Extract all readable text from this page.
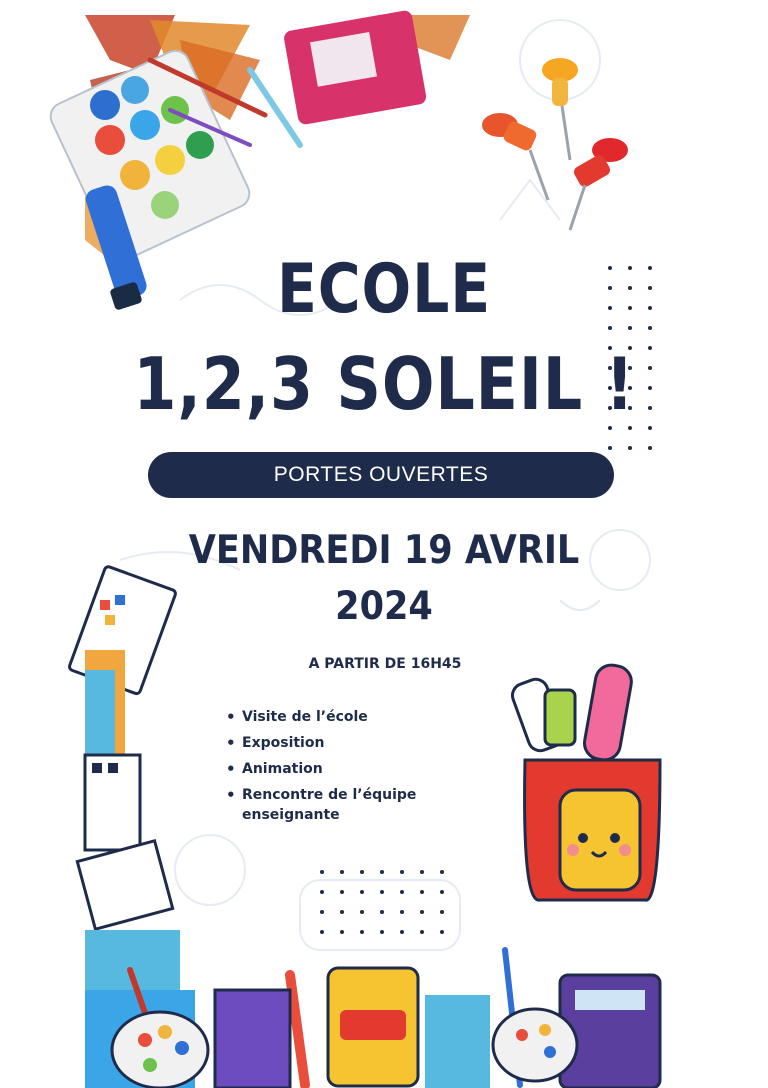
ECOLE
1,2,3 SOLEIL !
PORTES OUVERTES
VENDREDI 19 AVRIL
2024
A PARTIR DE 16H45
• Visite de l’école
• Exposition
• Animation
• Rencontre de l’équipe enseignante
